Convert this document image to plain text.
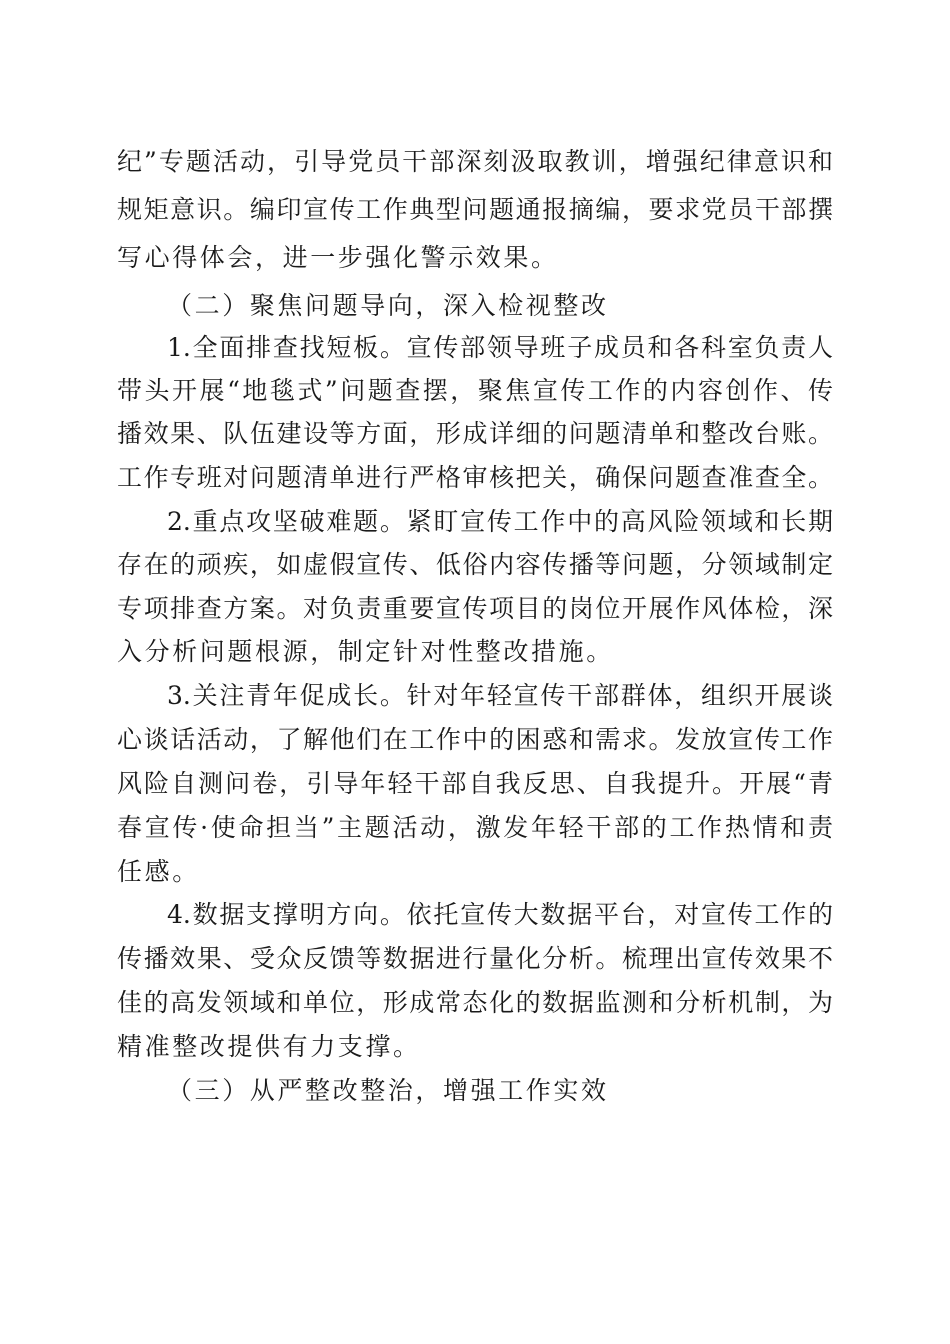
纪”专题活动，引导党员干部深刻汲取教训，增强纪律意识和
规矩意识。编印宣传工作典型问题通报摘编，要求党员干部撰
写心得体会，进一步强化警示效果。
（二）聚焦问题导向，深入检视整改
1.全面排查找短板。宣传部领导班子成员和各科室负责人
带头开展“地毯式”问题查摆，聚焦宣传工作的内容创作、传
播效果、队伍建设等方面，形成详细的问题清单和整改台账。
工作专班对问题清单进行严格审核把关，确保问题查准查全。
2.重点攻坚破难题。紧盯宣传工作中的高风险领域和长期
存在的顽疾，如虚假宣传、低俗内容传播等问题，分领域制定
专项排查方案。对负责重要宣传项目的岗位开展作风体检，深
入分析问题根源，制定针对性整改措施。
3.关注青年促成长。针对年轻宣传干部群体，组织开展谈
心谈话活动，了解他们在工作中的困惑和需求。发放宣传工作
风险自测问卷，引导年轻干部自我反思、自我提升。开展“青
春宣传·使命担当”主题活动，激发年轻干部的工作热情和责
任感。
4.数据支撑明方向。依托宣传大数据平台，对宣传工作的
传播效果、受众反馈等数据进行量化分析。梳理出宣传效果不
佳的高发领域和单位，形成常态化的数据监测和分析机制，为
精准整改提供有力支撑。
（三）从严整改整治，增强工作实效
